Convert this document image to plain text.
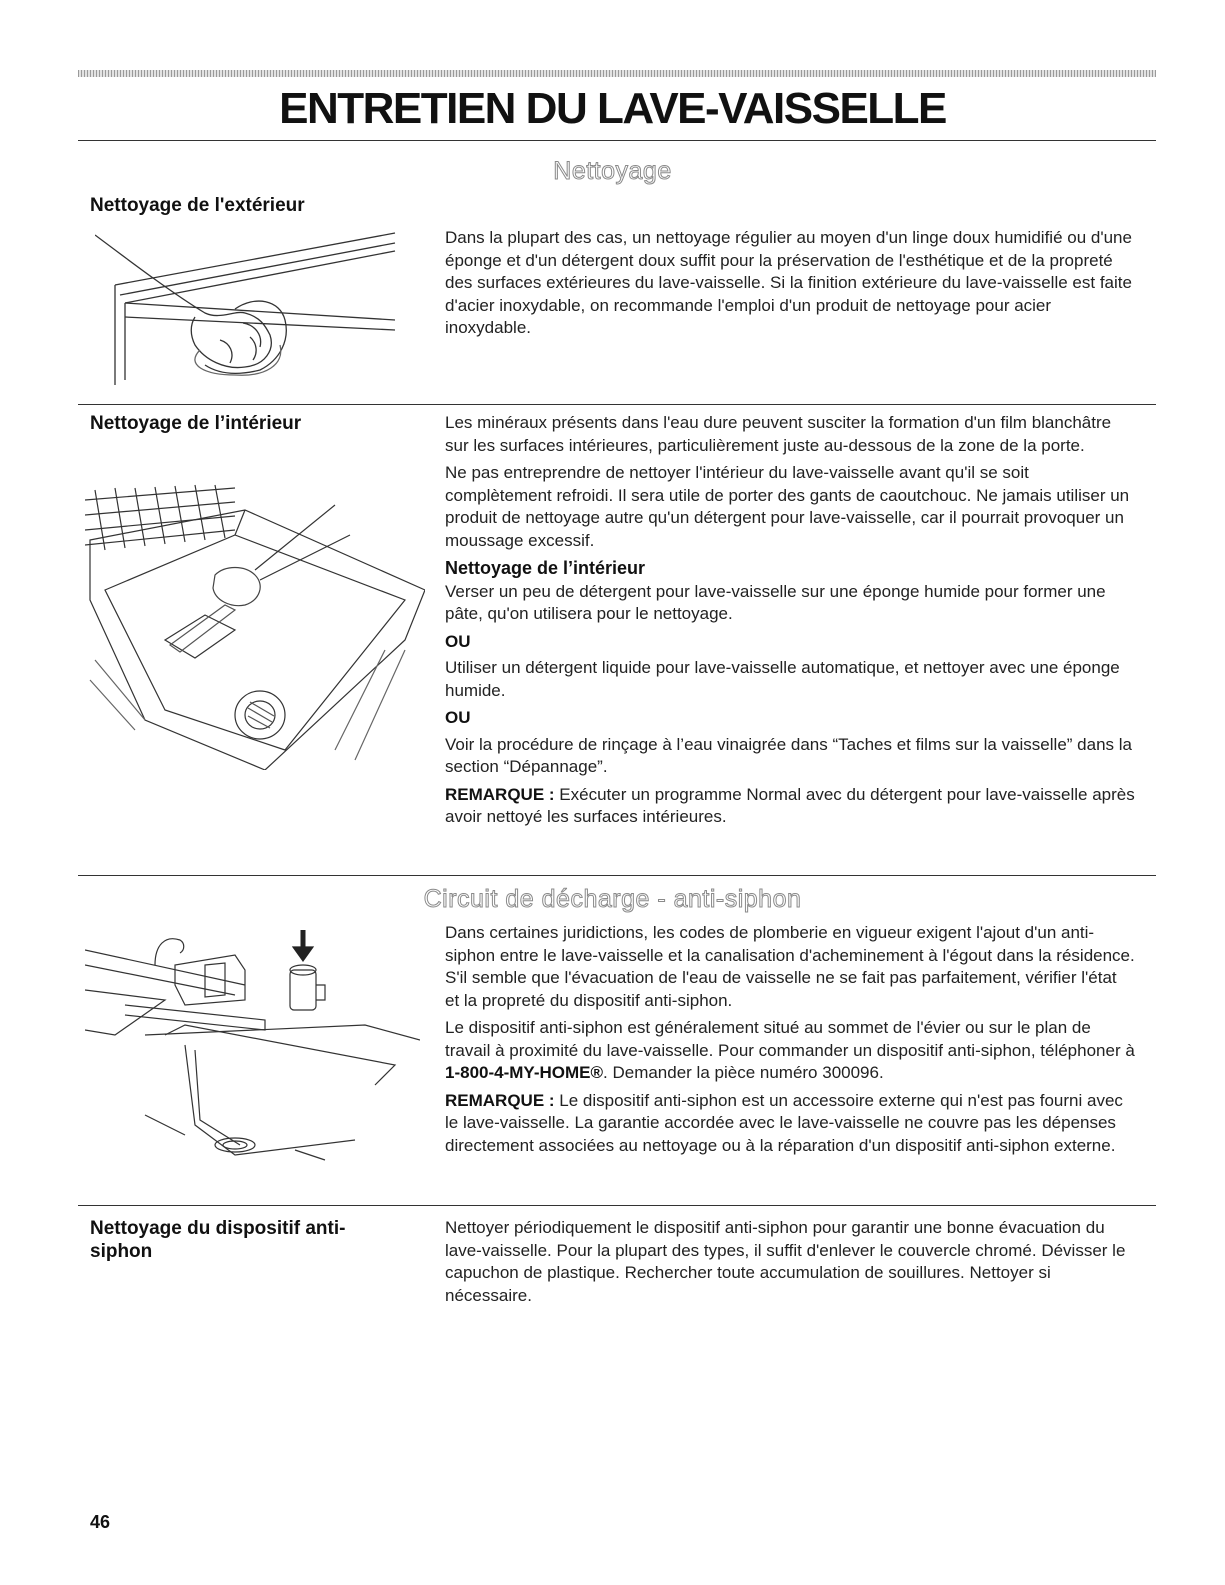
ENTRETIEN DU LAVE-VAISSELLE
Nettoyage
Nettoyage de l'extérieur

Dans la plupart des cas, un nettoyage régulier au moyen d'un linge doux humidifié ou d'une éponge et d'un détergent doux suffit pour la préservation de l'esthétique et de la propreté des surfaces extérieures du lave-vaisselle. Si la finition extérieure du lave-vaisselle est faite d'acier inoxydable, on recommande l'emploi d'un produit de nettoyage pour acier inoxydable.

Nettoyage de l’intérieur	Les minéraux présents dans l'eau dure peuvent susciter la formation d'un film blanchâtre sur les surfaces intérieures, particulièrement juste au-dessous de la zone de la porte.

Ne pas entreprendre de nettoyer l'intérieur du lave-vaisselle avant qu'il se soit complètement refroidi. Il sera utile de porter des gants de caoutchouc. Ne jamais utiliser un produit de nettoyage autre qu'un détergent pour lave-vaisselle, car il pourrait provoquer un moussage excessif.

Nettoyage de l’intérieur

Verser un peu de détergent pour lave-vaisselle sur une éponge humide pour former une pâte, qu'on utilisera pour le nettoyage.

OU

Utiliser un détergent liquide pour lave-vaisselle automatique, et nettoyer avec une éponge humide.

OU

Voir la procédure de rinçage à l’eau vinaigrée dans “Taches et films sur la vaisselle” dans la section “Dépannage”.

REMARQUE : Exécuter un programme Normal avec du détergent pour lave-vaisselle après avoir nettoyé les surfaces intérieures.

Circuit de décharge - anti-siphon

Dans certaines juridictions, les codes de plomberie en vigueur exigent l'ajout d'un anti-siphon entre le lave-vaisselle et la canalisation d'acheminement à l'égout dans la résidence. S'il semble que l'évacuation de l'eau de vaisselle ne se fait pas parfaitement, vérifier l'état et la propreté du dispositif anti-siphon.

Le dispositif anti-siphon est généralement situé au sommet de l'évier ou sur le plan de travail à proximité du lave-vaisselle. Pour commander un dispositif anti-siphon, téléphoner à 1-800-4-MY-HOME®. Demander la pièce numéro 300096.

REMARQUE : Le dispositif anti-siphon est un accessoire externe qui n'est pas fourni avec le lave-vaisselle. La garantie accordée avec le lave-vaisselle ne couvre pas les dépenses directement associées au nettoyage ou à la réparation d'un dispositif anti-siphon externe.

Nettoyage du dispositif anti-siphon

Nettoyer périodiquement le dispositif anti-siphon pour garantir une bonne évacuation du lave-vaisselle. Pour la plupart des types, il suffit d'enlever le couvercle chromé. Dévisser le capuchon de plastique. Rechercher toute accumulation de souillures. Nettoyer si nécessaire.

46
